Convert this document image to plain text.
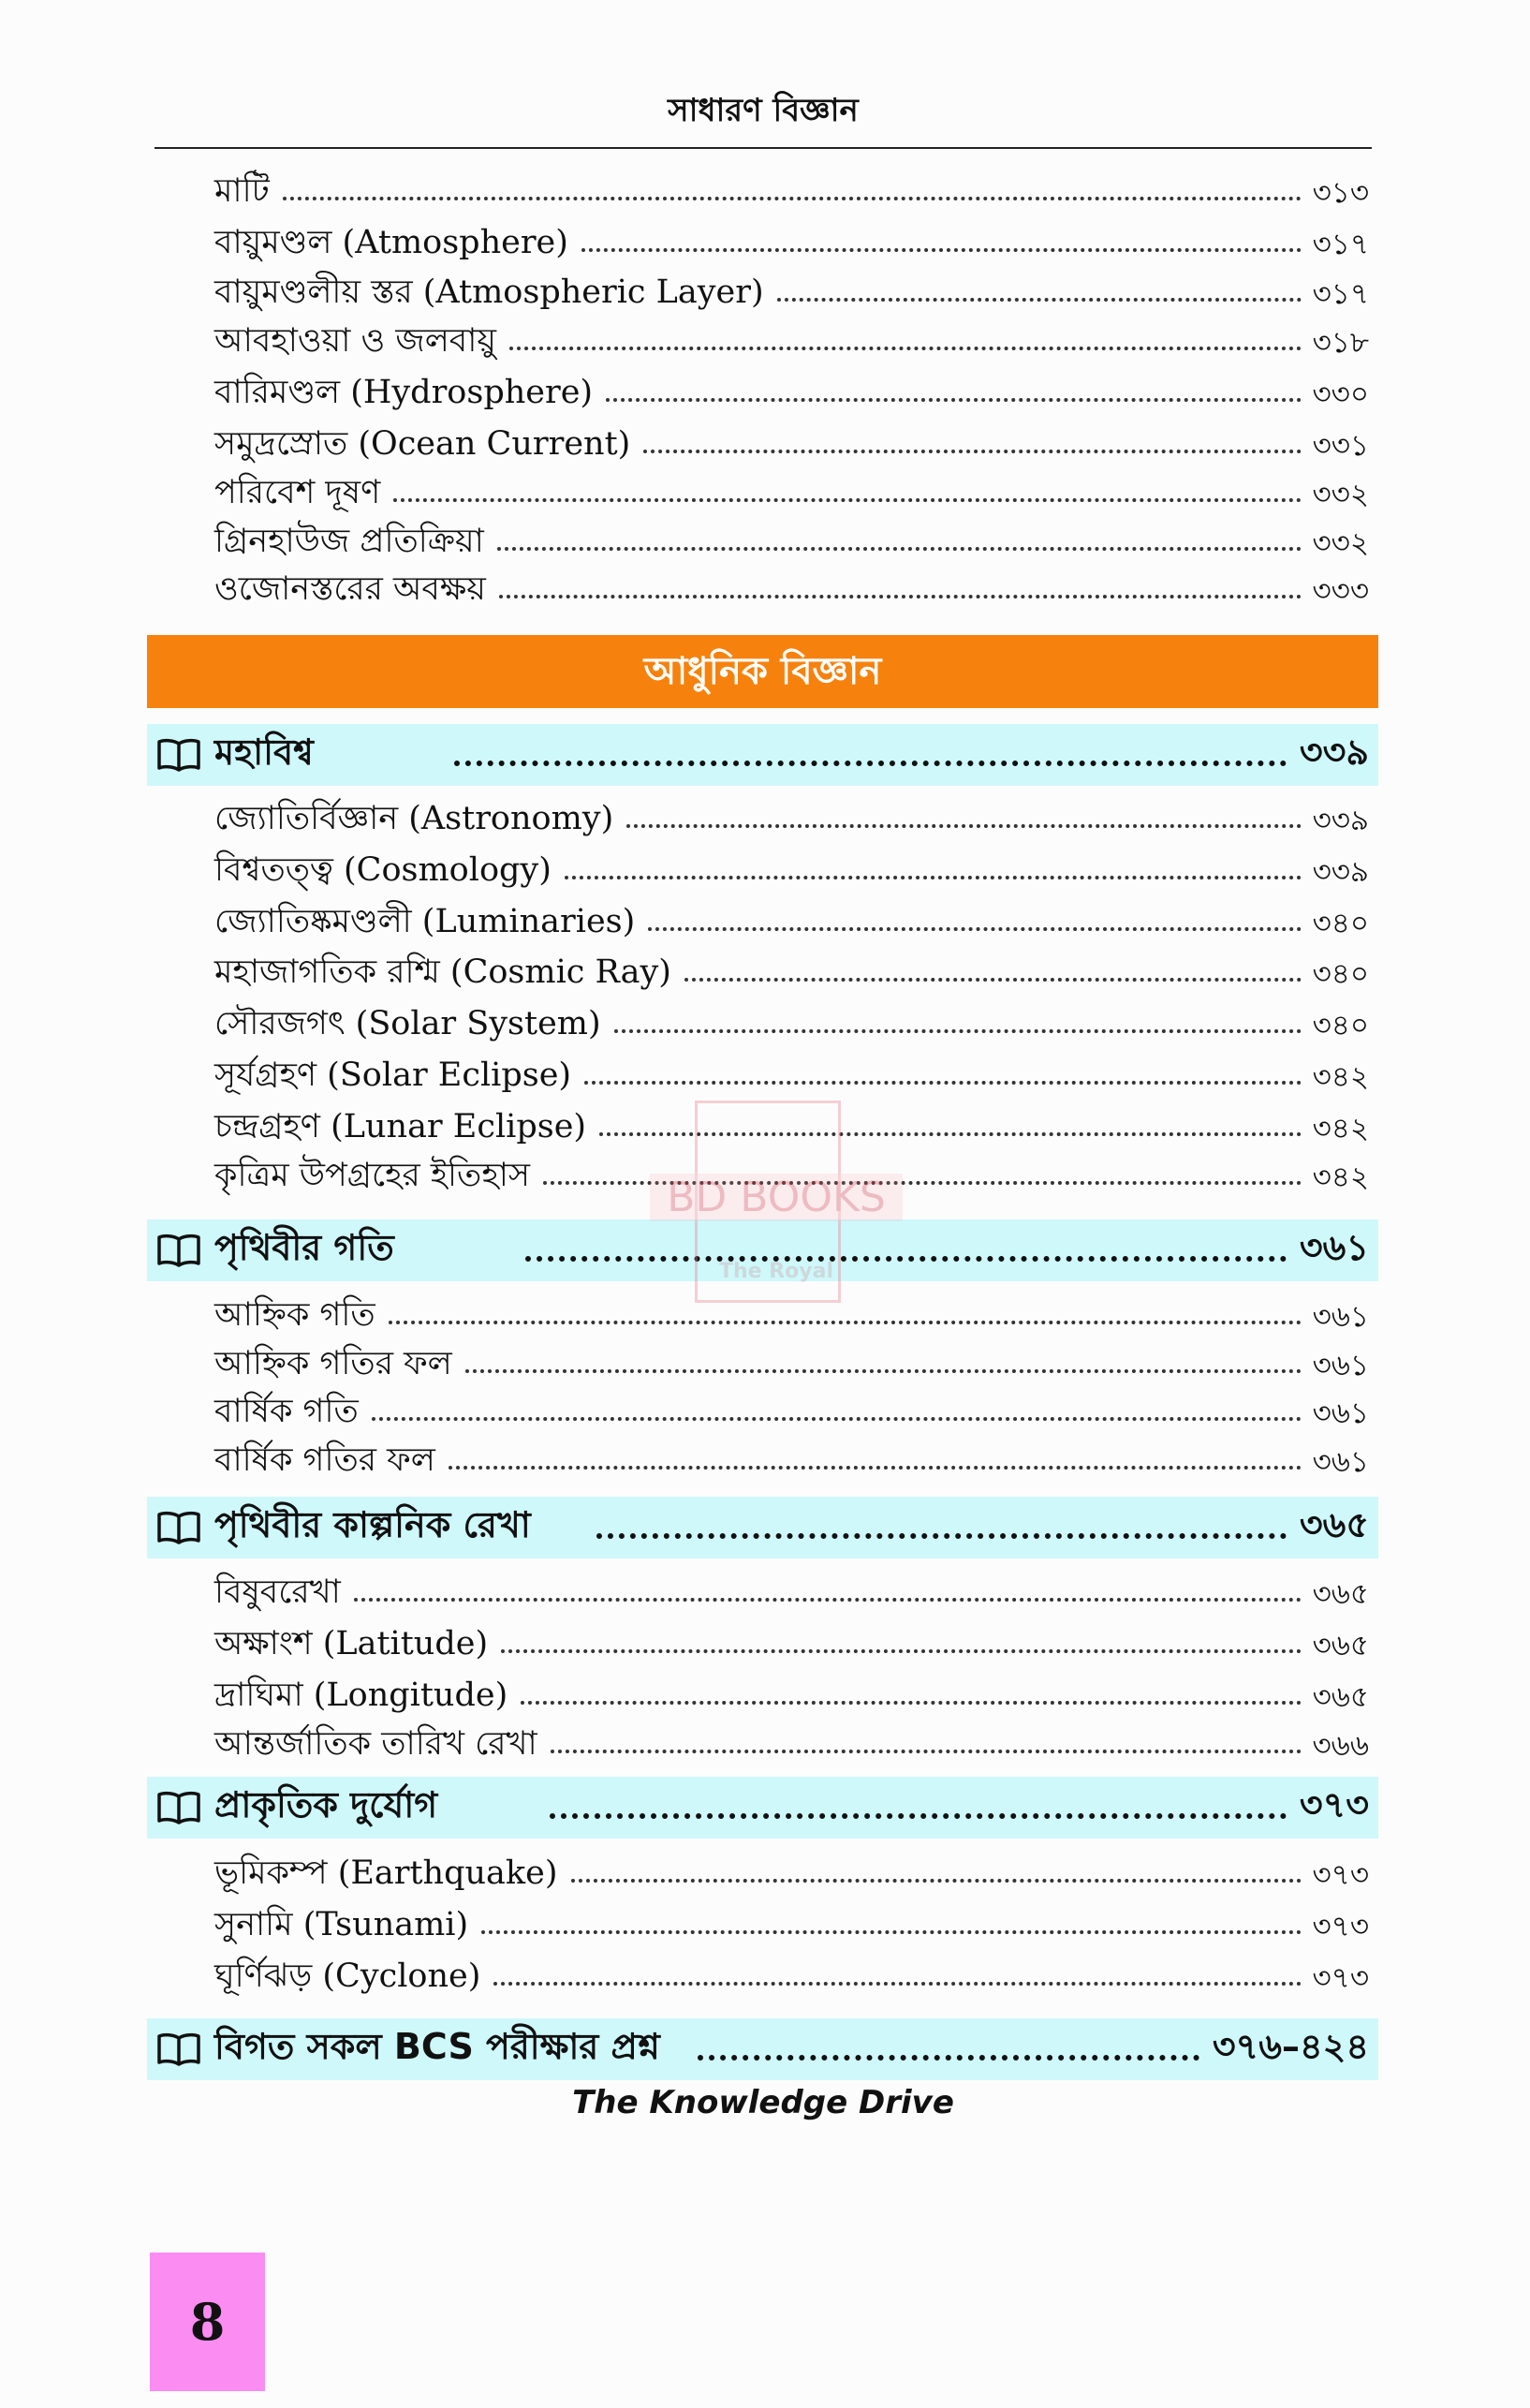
সাধারণ বিজ্ঞান
মাটি	৩১৩
বায়ুমণ্ডল (Atmosphere)	৩১৭
বায়ুমণ্ডলীয় স্তর (Atmospheric Layer)	৩১৭
আবহাওয়া ও জলবায়ু	৩১৮
বারিমণ্ডল (Hydrosphere)	৩৩০
সমুদ্রস্রোত (Ocean Current)	৩৩১
পরিবেশ দূষণ	৩৩২
গ্রিনহাউজ প্রতিক্রিয়া	৩৩২
ওজোনস্তরের অবক্ষয়	৩৩৩
আধুনিক বিজ্ঞান
মহাবিশ্ব	৩৩৯
জ্যোতির্বিজ্ঞান (Astronomy)	৩৩৯
বিশ্বতত্ত্ব (Cosmology)	৩৩৯
জ্যোতিষ্কমণ্ডলী (Luminaries)	৩৪০
মহাজাগতিক রশ্মি (Cosmic Ray)	৩৪০
সৌরজগৎ (Solar System)	৩৪০
সূর্যগ্রহণ (Solar Eclipse)	৩৪২
চন্দ্রগ্রহণ (Lunar Eclipse)	৩৪২
কৃত্রিম উপগ্রহের ইতিহাস	৩৪২
পৃথিবীর গতি	৩৬১
আহ্নিক গতি	৩৬১
আহ্নিক গতির ফল	৩৬১
বার্ষিক গতি	৩৬১
বার্ষিক গতির ফল	৩৬১
পৃথিবীর কাল্পনিক রেখা	৩৬৫
বিষুবরেখা	৩৬৫
অক্ষাংশ (Latitude)	৩৬৫
দ্রাঘিমা (Longitude)	৩৬৫
আন্তর্জাতিক তারিখ রেখা	৩৬৬
প্রাকৃতিক দুর্যোগ	৩৭৩
ভূমিকম্প (Earthquake)	৩৭৩
সুনামি (Tsunami)	৩৭৩
ঘূর্ণিঝড় (Cyclone)	৩৭৩
বিগত সকল BCS পরীক্ষার প্রশ্ন	৩৭৬–৪২৪
The Knowledge Drive
8
BD BOOKS
The Royal
